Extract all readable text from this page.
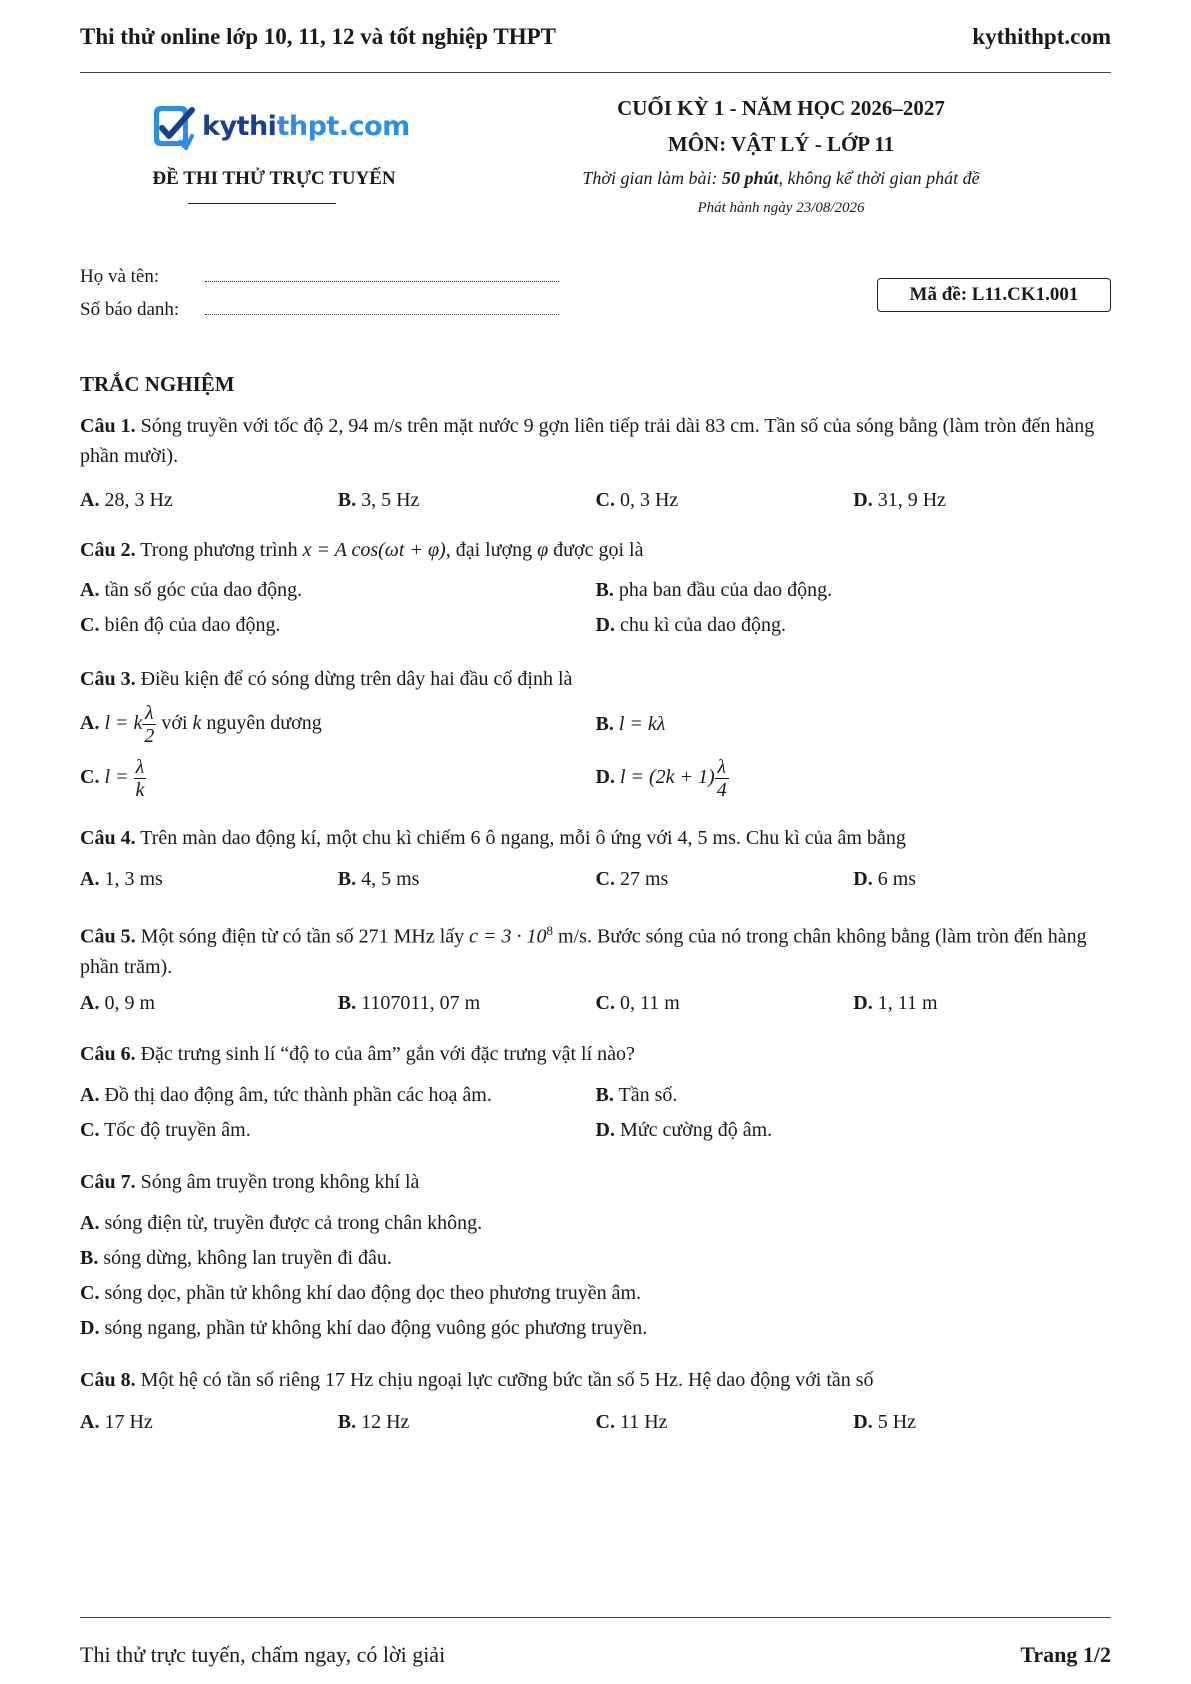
Thi thử online lớp 10, 11, 12 và tốt nghiệp THPT	kythithpt.com
kythithpt.com
ĐỀ THI THỬ TRỰC TUYẾN
CUỐI KỲ 1 - NĂM HỌC 2026–2027
MÔN: VẬT LÝ - LỚP 11
Thời gian làm bài: 50 phút, không kể thời gian phát đề
Phát hành ngày 23/08/2026
Họ và tên:
Số báo danh:
Mã đề: L11.CK1.001
TRẮC NGHIỆM
Câu 1. Sóng truyền với tốc độ 2, 94 m/s trên mặt nước 9 gợn liên tiếp trải dài 83 cm. Tần số của sóng bằng (làm tròn đến hàng phần mười).
A. 28, 3 Hz	B. 3, 5 Hz	C. 0, 3 Hz	D. 31, 9 Hz
Câu 2. Trong phương trình x = A cos(ωt + φ), đại lượng φ được gọi là
A. tần số góc của dao động.	B. pha ban đầu của dao động.
C. biên độ của dao động.	D. chu kì của dao động.
Câu 3. Điều kiện để có sóng dừng trên dây hai đầu cố định là
A. l = k $\frac{\lambda}{2}$ với k nguyên dương	B. l = kλ
C. $l = \frac{\lambda}{k}$	D. $l = (2k + 1) \frac{\lambda}{4}$
Câu 4. Trên màn dao động kí, một chu kì chiếm 6 ô ngang, mỗi ô ứng với 4, 5 ms. Chu kì của âm bằng
A. 1, 3 ms	B. 4, 5 ms	C. 27 ms	D. 6 ms
Câu 5. Một sóng điện từ có tần số 271 MHz lấy $c = 3 \cdot 10^8$ m/s. Bước sóng của nó trong chân không bằng (làm tròn đến hàng phần trăm).
A. 0, 9 m	B. 1107011, 07 m	C. 0, 11 m	D. 1, 11 m
Câu 6. Đặc trưng sinh lí “độ to của âm” gắn với đặc trưng vật lí nào?
A. Đồ thị dao động âm, tức thành phần các hoạ âm.	B. Tần số.
C. Tốc độ truyền âm.	D. Mức cường độ âm.
Câu 7. Sóng âm truyền trong không khí là
A. sóng điện từ, truyền được cả trong chân không.
B. sóng dừng, không lan truyền đi đâu.
C. sóng dọc, phần tử không khí dao động dọc theo phương truyền âm.
D. sóng ngang, phần tử không khí dao động vuông góc phương truyền.
Câu 8. Một hệ có tần số riêng 17 Hz chịu ngoại lực cưỡng bức tần số 5 Hz. Hệ dao động với tần số
A. 17 Hz	B. 12 Hz	C. 11 Hz	D. 5 Hz
Thi thử trực tuyến, chấm ngay, có lời giải	Trang 1/2
